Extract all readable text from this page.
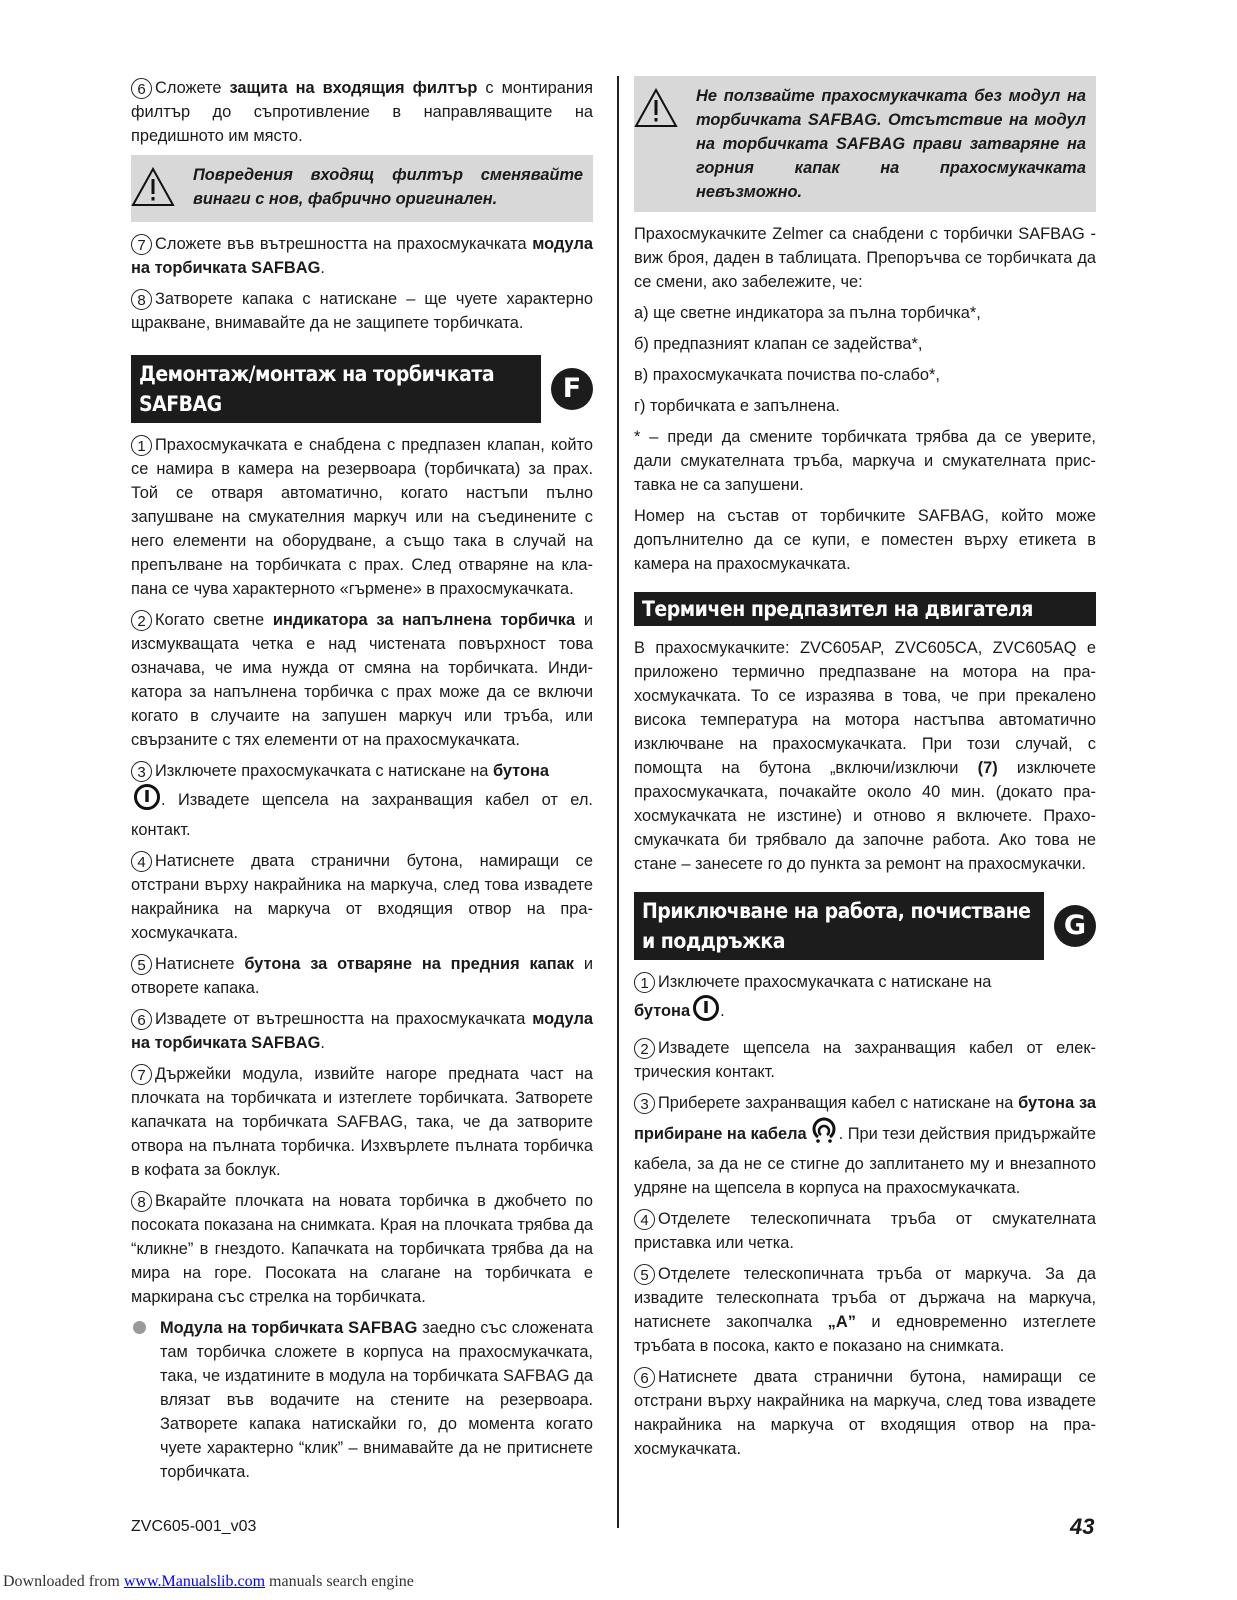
6 Сложете защита на входящия филтър с монтирания филтър до съпротивление в направляващите на предишното им място.

Повредения входящ филтър сменявайте винаги с нов, фабрично оригинален.

7 Сложете във вътрешността на прахосмукачката модула на торбичката SAFBAG.

8 Затворете капака с натискане – ще чуете характерно щракване, внимавайте да не защипете торбичката.

Демонтаж/монтаж на торбичката
SAFBAG	F

1 Прахосмукачката е снабдена с предпазен клапан, който се намира в камера на резервоара (торбичката) за прах. Той се отваря автоматично, когато настъпи пълно запушване на смукателния маркуч или на съединените с него елементи на оборудване, а също така в случай на препълване на торбичката с прах. След отваряне на клапана се чува характерното «гърмене» в прахосмукачката.

2 Когато светне индикатора за напълнена торбичка и изсмукващата четка е над чистената повърхност това означава, че има нужда от смяна на торбичката. Индикатора за напълнена торбичка с прах може да се включи когато в случаите на запушен маркуч или тръба, или свързаните с тях елементи от на прахосмукачката.

3 Изключете прахосмукачката с натискане на бутона
. Извадете щепсела на захранващия кабел от ел. контакт.

4 Натиснете двата странични бутона, намиращи се отстрани върху накрайника на маркуча, след това извадете накрайника на маркуча от входящия отвор на прахосмукачката.

5 Натиснете бутона за отваряне на предния капак и отворете капака.

6 Извадете от вътрешността на прахосмукачката модула на торбичката SAFBAG.

7 Държейки модула, извийте нагоре предната част на плочката на торбичката и изтеглете торбичката. Затворете капачката на торбичката SAFBAG, така, че да затворите отвора на пълната торбичка. Изхвърлете пълната торбичка в кофата за боклук.

8 Вкарайте плочката на новата торбичка в джобчето по посоката показана на снимката. Края на плочката трябва да “кликне” в гнездото. Капачката на торбичката трябва да на мира на горе. Посоката на слагане на торбичката е маркирана със стрелка на торбичката.

Модула на торбичката SAFBAG заедно със сложената там торбичка сложете в корпуса на прахосмукачката, така, че издатините в модула на торбичката SAFBAG да влязат във водачите на стените на резервоара. Затворете капака натискайки го, до момента когато чуете характерно “клик” – внимавайте да не притиснете торбичката.
Не ползвайте прахосмукачката без модул на торбичката SAFBAG. Отсътствие на модул на торбичката SAFBAG прави затваряне на горния капак на прахосмукачката невъзможно.

Прахосмукачките Zelmer са снабдени с торбички SAFBAG - виж броя, даден в таблицата. Препоръчва се торбичката да се смени, ако забележите, че:

а) ще светне индикатора за пълна торбичка*,

б) предпазният клапан се задейства*,

в) прахосмукачката почиства по-слабо*,

г) торбичката е запълнена.

* – преди да смените торбичката трябва да се уверите, дали смукателната тръба, маркуча и смукателната приставка не са запушени.

Номер на състав от торбичките SAFBAG, който може допълнително да се купи, е поместен върху етикета в камера на прахосмукачката.

Термичен предпазител на двигателя

В прахосмукачките: ZVC605AP, ZVC605CA, ZVC605AQ е приложено термично предпазване на мотора на прахосмукачката. То се изразява в това, че при прекалено висока температура на мотора настъпва автоматично изключване на прахосмукачката. При този случай, с помощта на бутона „включи/изключи (7) изключете прахосмукачката, почакайте около 40 мин. (докато прахосмукачката не изстине) и отново я включете. Прахосмукачката би трябвало да започне работа. Ако това не стане – занесете го до пункта за ремонт на прахосмукачки.

Приключване на работа, почистване
и поддръжка	G

1 Изключете прахосмукачката с натискане на
бутона .

2 Извадете щепсела на захранващия кабел от електрическия контакт.

3 Приберете захранващия кабел с натискане на бутона за прибиране на кабела . При тези действия придържайте кабела, за да не се стигне до заплитането му и внезапното удряне на щепсела в корпуса на прахосмукачката.

4 Отделете телескопичната тръба от смукателната приставка или четка.

5 Отделете телескопичната тръба от маркуча. За да извадите телескопната тръба от държача на маркуча, натиснете закопчалка „A” и едновременно изтеглете тръбата в посока, както е показано на снимката.

6 Натиснете двата странични бутона, намиращи се отстрани върху накрайника на маркуча, след това извадете накрайника на маркуча от входящия отвор на прахосмукачката.

ZVC605-001_v03	43
Downloaded from www.Manualslib.com manuals search engine
